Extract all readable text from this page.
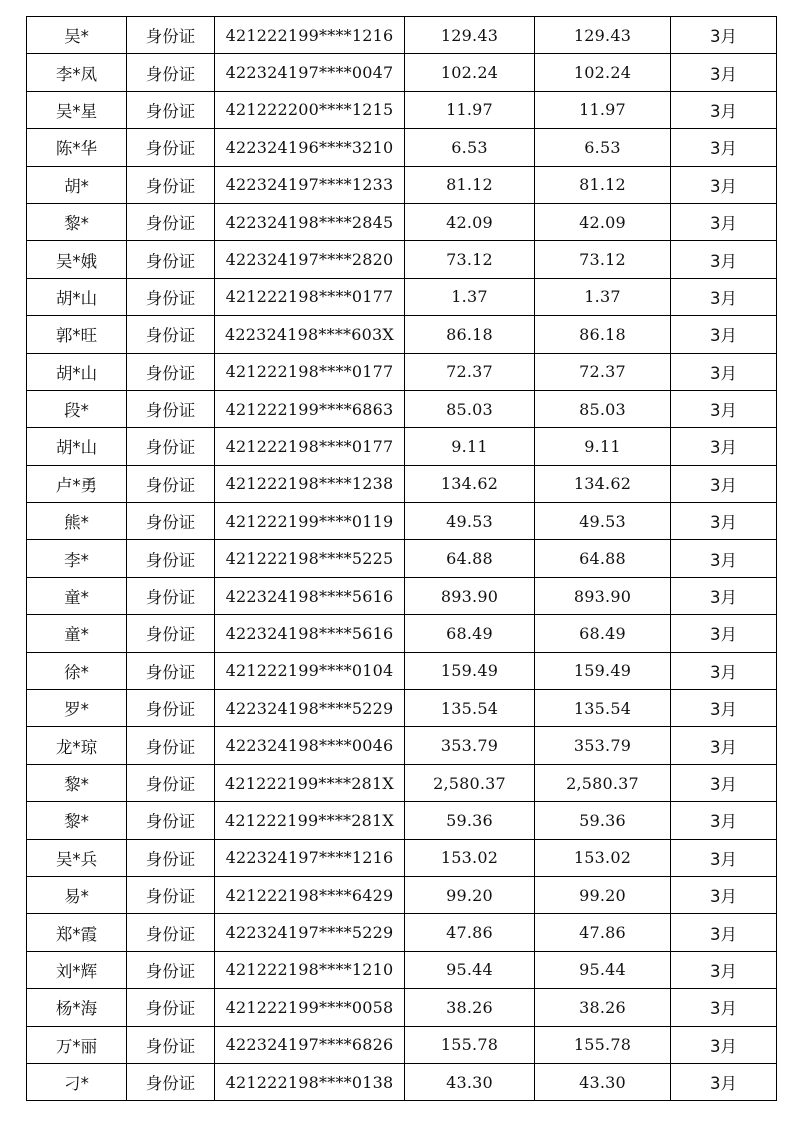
吴*	身份证	421222199****1216	129.43	129.43	3月
李*凤	身份证	422324197****0047	102.24	102.24	3月
吴*星	身份证	421222200****1215	11.97	11.97	3月
陈*华	身份证	422324196****3210	6.53	6.53	3月
胡*	身份证	422324197****1233	81.12	81.12	3月
黎*	身份证	422324198****2845	42.09	42.09	3月
吴*娥	身份证	422324197****2820	73.12	73.12	3月
胡*山	身份证	421222198****0177	1.37	1.37	3月
郭*旺	身份证	422324198****603X	86.18	86.18	3月
胡*山	身份证	421222198****0177	72.37	72.37	3月
段*	身份证	421222199****6863	85.03	85.03	3月
胡*山	身份证	421222198****0177	9.11	9.11	3月
卢*勇	身份证	421222198****1238	134.62	134.62	3月
熊*	身份证	421222199****0119	49.53	49.53	3月
李*	身份证	421222198****5225	64.88	64.88	3月
童*	身份证	422324198****5616	893.90	893.90	3月
童*	身份证	422324198****5616	68.49	68.49	3月
徐*	身份证	421222199****0104	159.49	159.49	3月
罗*	身份证	422324198****5229	135.54	135.54	3月
龙*琼	身份证	422324198****0046	353.79	353.79	3月
黎*	身份证	421222199****281X	2,580.37	2,580.37	3月
黎*	身份证	421222199****281X	59.36	59.36	3月
吴*兵	身份证	422324197****1216	153.02	153.02	3月
易*	身份证	421222198****6429	99.20	99.20	3月
郑*霞	身份证	422324197****5229	47.86	47.86	3月
刘*辉	身份证	421222198****1210	95.44	95.44	3月
杨*海	身份证	421222199****0058	38.26	38.26	3月
万*丽	身份证	422324197****6826	155.78	155.78	3月
刁*	身份证	421222198****0138	43.30	43.30	3月
